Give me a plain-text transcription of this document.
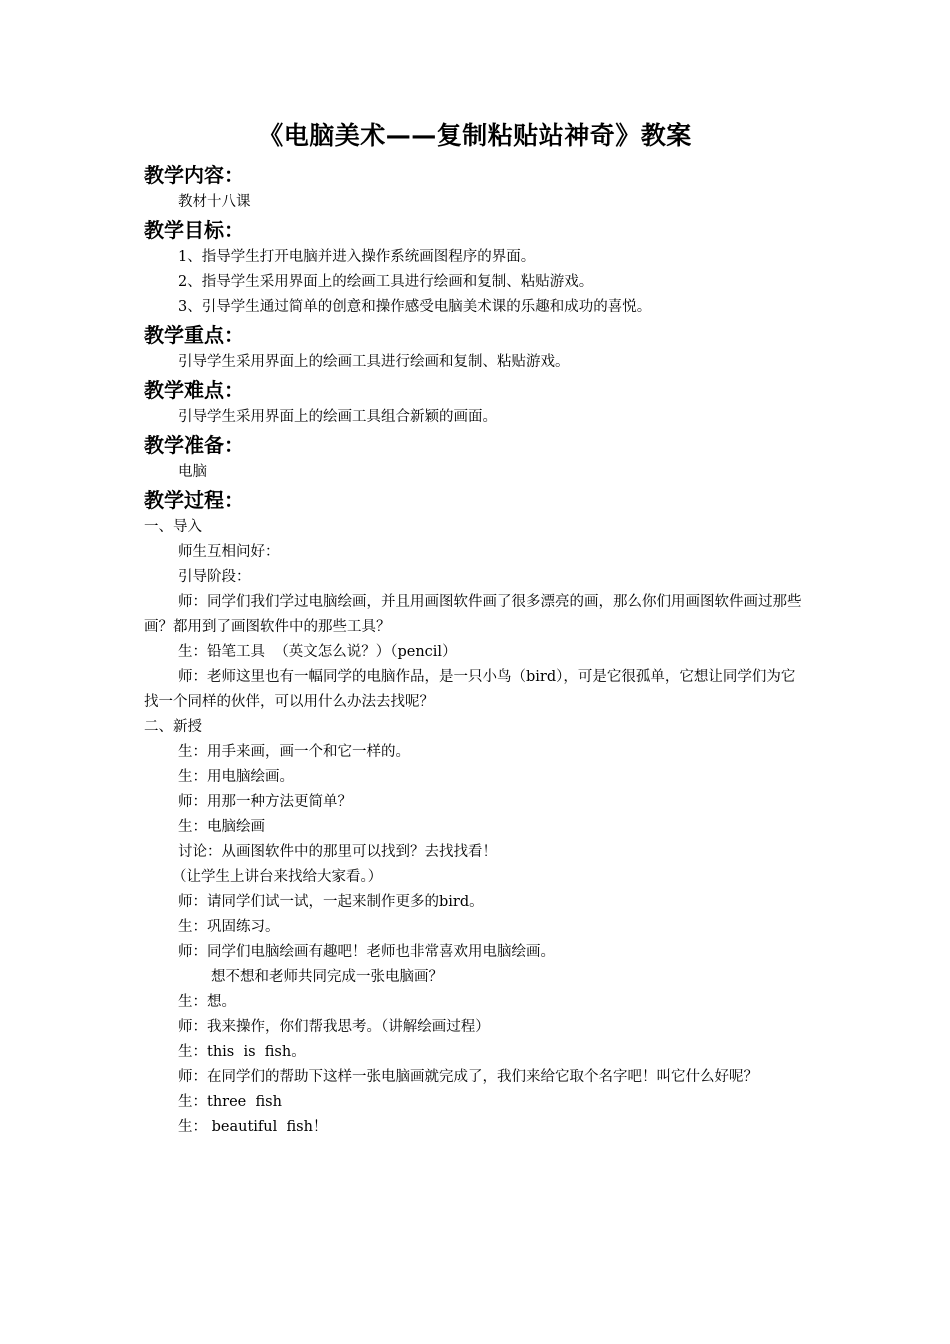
《电脑美术——复制粘贴站神奇》教案
教学内容：

教材十八课

教学目标：

1、指导学生打开电脑并进入操作系统画图程序的界面。

2、指导学生采用界面上的绘画工具进行绘画和复制、粘贴游戏。

3、引导学生通过简单的创意和操作感受电脑美术课的乐趣和成功的喜悦。

教学重点：

引导学生采用界面上的绘画工具进行绘画和复制、粘贴游戏。

教学难点：

引导学生采用界面上的绘画工具组合新颖的画面。

教学准备：

电脑

教学过程：

一、导入

师生互相问好：

引导阶段：

师：同学们我们学过电脑绘画，并且用画图软件画了很多漂亮的画，那么你们用画图软件画过那些画？都用到了画图软件中的那些工具？

生：铅笔工具  （英文怎么说？）（pencil）

师：老师这里也有一幅同学的电脑作品，是一只小鸟（bird），可是它很孤单，它想让同学们为它找一个同样的伙伴，可以用什么办法去找呢？

二、新授

生：用手来画，画一个和它一样的。

生：用电脑绘画。

师：用那一种方法更简单？

生：电脑绘画

讨论：从画图软件中的那里可以找到？去找找看！

（让学生上讲台来找给大家看。）

师：请同学们试一试，一起来制作更多的bird。

生：巩固练习。

师：同学们电脑绘画有趣吧！老师也非常喜欢用电脑绘画。

想不想和老师共同完成一张电脑画？

生：想。

师：我来操作，你们帮我思考。（讲解绘画过程）

生：this  is  fish。

师：在同学们的帮助下这样一张电脑画就完成了，我们来给它取个名字吧！叫它什么好呢？

生：three  fish

生： beautiful  fish！
